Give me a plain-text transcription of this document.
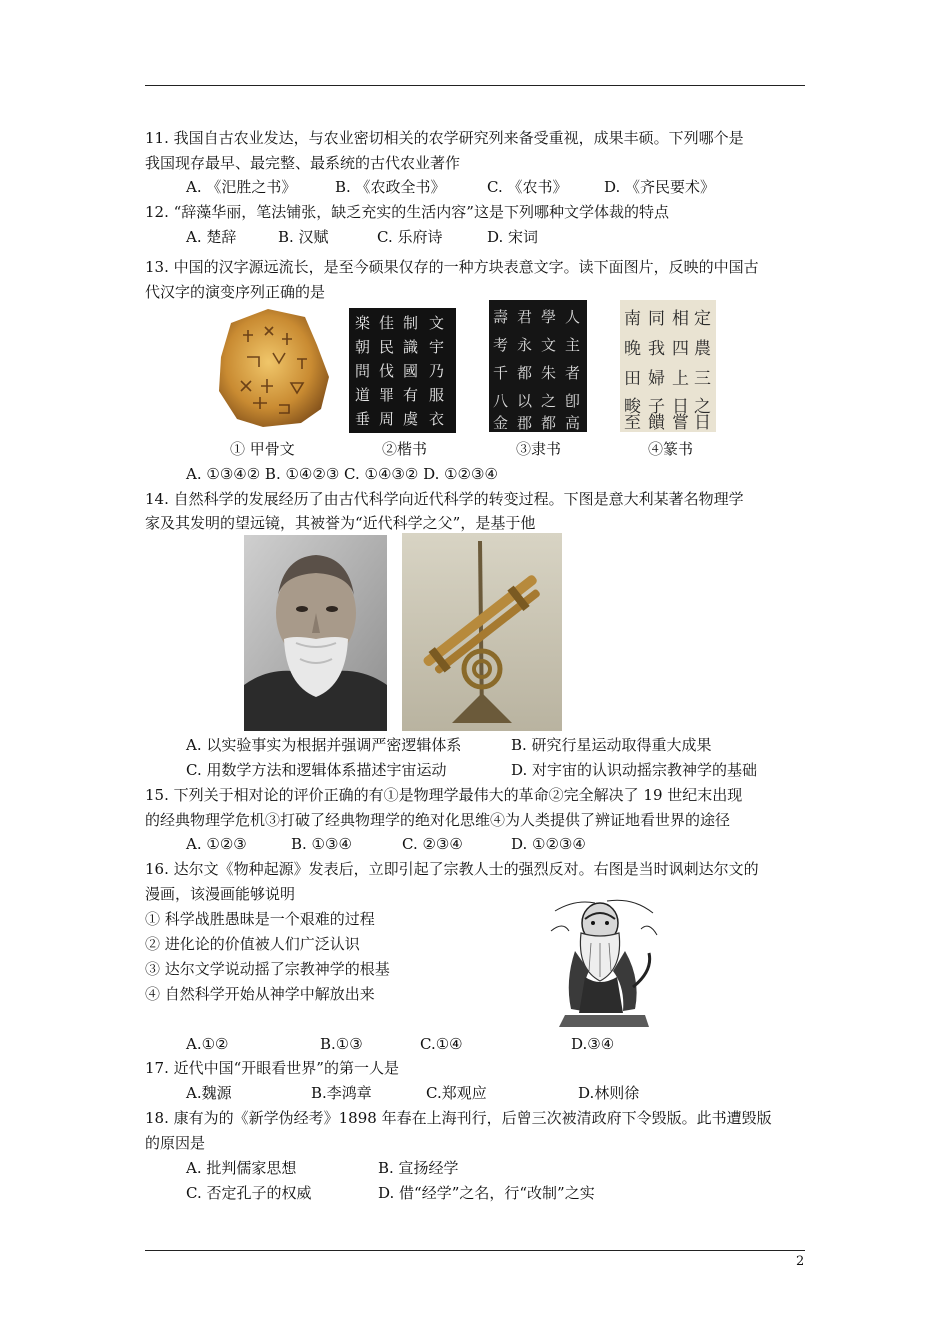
11. 我国自古农业发达，与农业密切相关的农学研究列来备受重视，成果丰硕。下列哪个是
我国现存最早、最完整、最系统的古代农业著作
A. 《汜胜之书》	B. 《农政全书》	C. 《农书》 D. 《齐民要术》
12. “辞藻华丽，笔法铺张，缺乏充实的生活内容”这是下列哪种文学体裁的特点
A. 楚辞	B. 汉赋	C. 乐府诗	D. 宋词
13. 中国的汉字源远流长，是至今硕果仅存的一种方块表意文字。读下面图片，反映的中国古
代汉字的演变序列正确的是
楽 佳 制 文
朝 民 識 宇
問 伐 國 乃
道 罪 有 服
垂 周 虞 衣
壽 君 學 人
考 永 文 主
千 都 朱 者
八 以 之 卽
金 郡 都 高
南 同 相 定
晚 我 四 農
田 婦 上 三
畯 子 日 之
至 饋 嘗 日
① 甲骨文	②楷书	③隶书	④篆书
A. ①③④② B. ①④②③ C. ①④③② D. ①②③④
14. 自然科学的发展经历了由古代科学向近代科学的转变过程。下图是意大利某著名物理学
家及其发明的望远镜，其被誉为“近代科学之父”，是基于他
A. 以实验事实为根据并强调严密逻辑体系	B. 研究行星运动取得重大成果
C. 用数学方法和逻辑体系描述宇宙运动	D. 对宇宙的认识动摇宗教神学的基础
15. 下列关于相对论的评价正确的有①是物理学最伟大的革命②完全解决了 19 世纪末出现
的经典物理学危机③打破了经典物理学的绝对化思维④为人类提供了辨证地看世界的途径
A. ①②③	B. ①③④	C. ②③④	D. ①②③④
16. 达尔文《物种起源》发表后，立即引起了宗教人士的强烈反对。右图是当时讽刺达尔文的
漫画，该漫画能够说明
① 科学战胜愚昧是一个艰难的过程
② 进化论的价值被人们广泛认识
③ 达尔文学说动摇了宗教神学的根基
④ 自然科学开始从神学中解放出来
A.①②	B.①③	C.①④	D.③④
17. 近代中国“开眼看世界”的第一人是
A.魏源	B.李鸿章	C.郑观应	D.林则徐
18. 康有为的《新学伪经考》1898 年春在上海刊行，后曾三次被清政府下令毁版。此书遭毁版
的原因是
A. 批判儒家思想	B. 宣扬经学
C. 否定孔子的权威	D. 借“经学”之名，行“改制”之实
2
